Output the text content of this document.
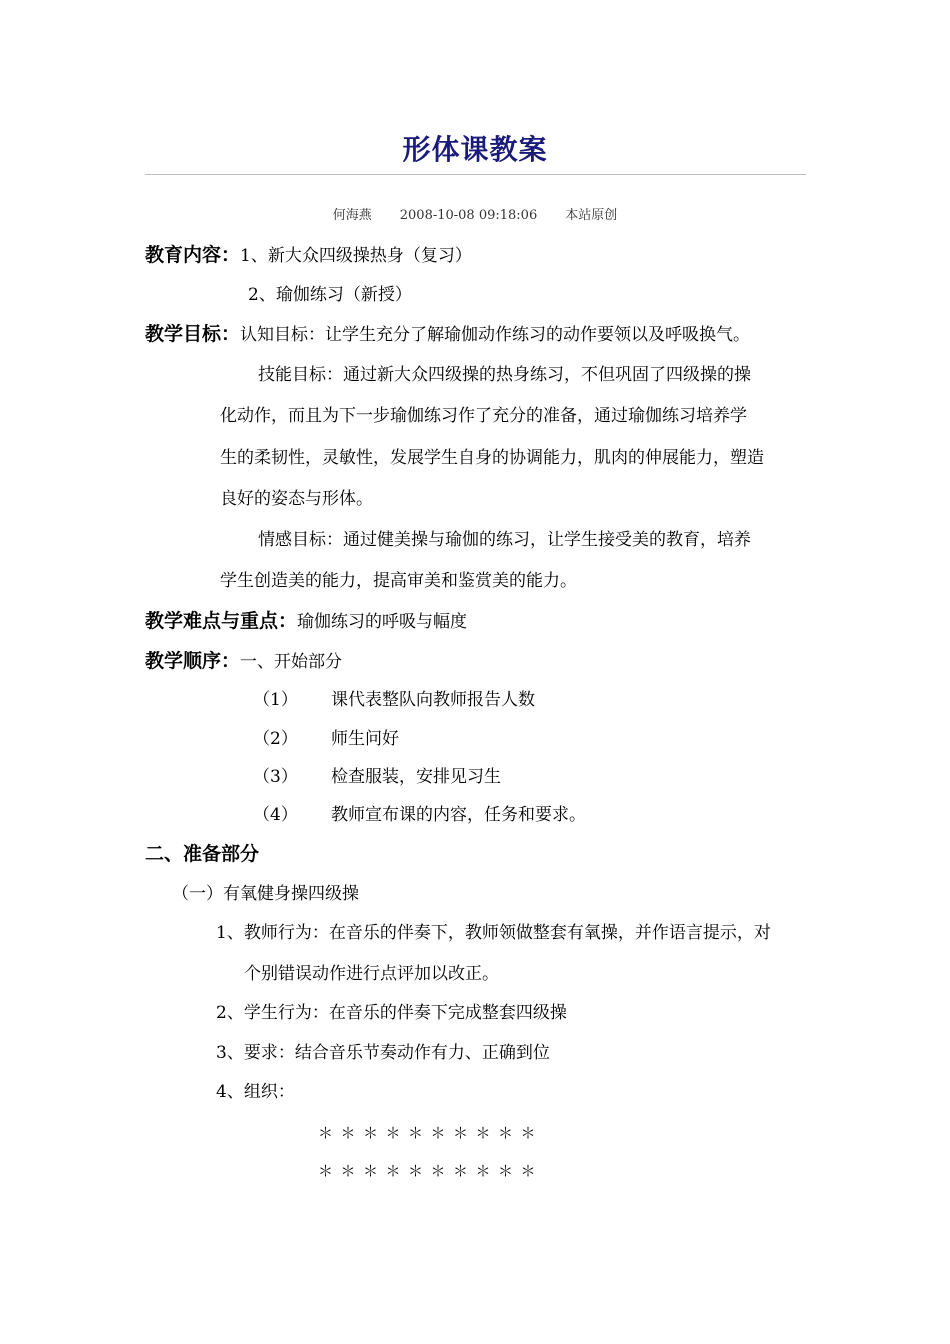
形体课教案
何海燕 2008-10-08 09:18:06 本站原创
教育内容：1、新大众四级操热身（复习）
2、瑜伽练习（新授）
教学目标：认知目标：让学生充分了解瑜伽动作练习的动作要领以及呼吸换气。
技能目标：通过新大众四级操的热身练习，不但巩固了四级操的操
化动作，而且为下一步瑜伽练习作了充分的准备，通过瑜伽练习培养学
生的柔韧性，灵敏性，发展学生自身的协调能力，肌肉的伸展能力，塑造
良好的姿态与形体。
情感目标：通过健美操与瑜伽的练习，让学生接受美的教育，培养
学生创造美的能力，提高审美和鉴赏美的能力。
教学难点与重点：瑜伽练习的呼吸与幅度
教学顺序：一、开始部分
（1） 课代表整队向教师报告人数
（2） 师生问好
（3） 检查服装，安排见习生
（4） 教师宣布课的内容，任务和要求。
二、准备部分
（一）有氧健身操四级操
1、教师行为：在音乐的伴奏下，教师领做整套有氧操，并作语言提示，对
个别错误动作进行点评加以改正。
2、学生行为：在音乐的伴奏下完成整套四级操
3、要求：结合音乐节奏动作有力、正确到位
4、组织：
＊＊＊＊＊＊＊＊＊＊
＊＊＊＊＊＊＊＊＊＊
